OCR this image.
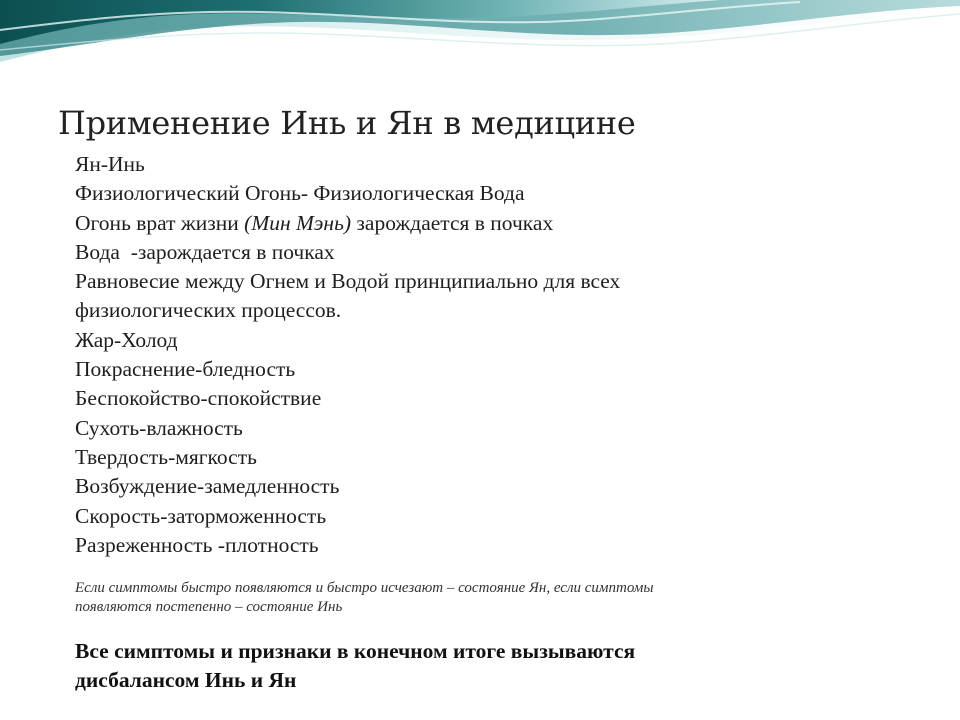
Применение Инь и Ян в медицине
Ян-Инь
Физиологический Огонь- Физиологическая Вода
Огонь врат жизни (Мин Мэнь) зарождается в почках
Вода  -зарождается в почках
Равновесие между Огнем и Водой принципиально для всех
физиологических процессов.
Жар-Холод
Покраснение-бледность
Беспокойство-спокойствие
Сухоть-влажность
Твердость-мягкость
Возбуждение-замедленность
Скорость-заторможенность
Разреженность -плотность

Если симптомы быстро появляются и быстро исчезают – состояние Ян, если симптомы
появляются постепенно – состояние Инь

Все симптомы и признаки в конечном итоге вызываются
дисбалансом Инь и Ян
